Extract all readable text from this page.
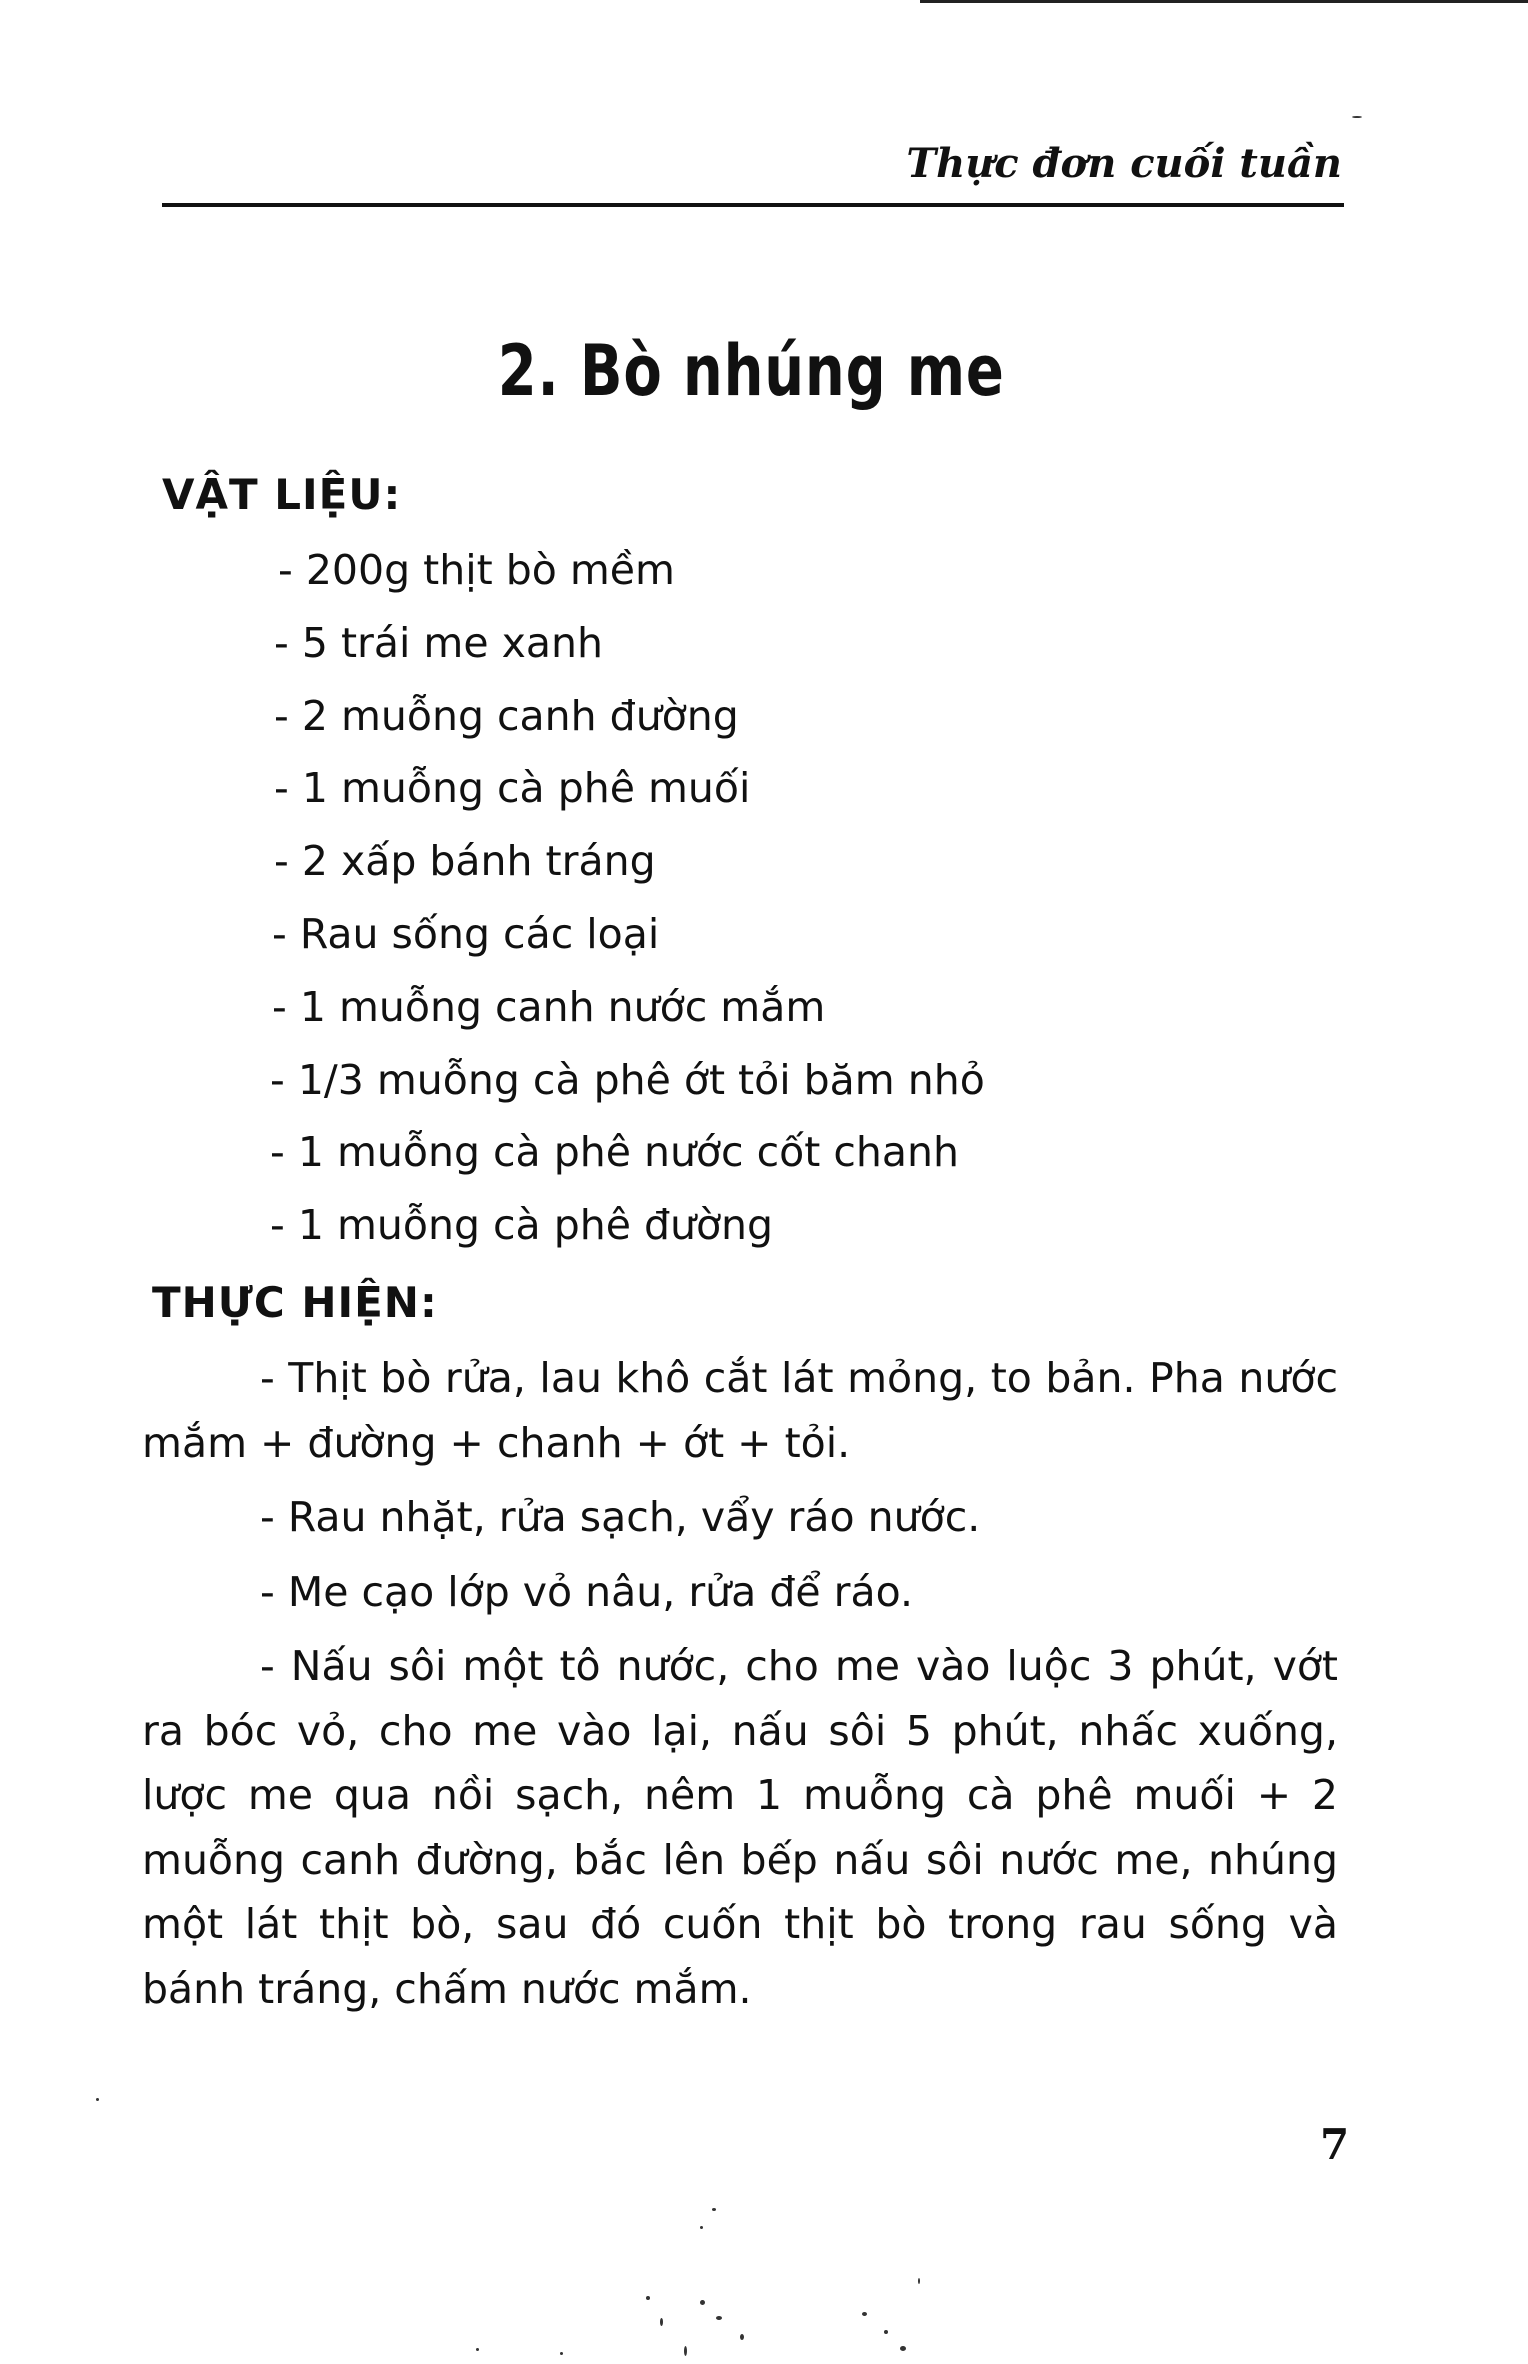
Thực đơn cuối tuần
2. Bò nhúng me
VẬT LIỆU:
- 200g thịt bò mềm
- 5 trái me xanh
- 2 muỗng canh đường
- 1 muỗng cà phê muối
- 2 xấp bánh tráng
- Rau sống các loại
- 1 muỗng canh nước mắm
- 1/3 muỗng cà phê ớt tỏi băm nhỏ
- 1 muỗng cà phê nước cốt chanh
- 1 muỗng cà phê đường
THỰC HIỆN:

- Thịt bò rửa, lau khô cắt lát mỏng, to bản. Pha nước mắm + đường + chanh + ớt + tỏi.

- Rau nhặt, rửa sạch, vẩy ráo nước.

- Me cạo lớp vỏ nâu, rửa để ráo.

- Nấu sôi một tô nước, cho me vào luộc 3 phút, vớt ra bóc vỏ, cho me vào lại, nấu sôi 5 phút, nhấc xuống, lược me qua nồi sạch, nêm 1 muỗng cà phê muối + 2 muỗng canh đường, bắc lên bếp nấu sôi nước me, nhúng một lát thịt bò, sau đó cuốn thịt bò trong rau sống và bánh tráng, chấm nước mắm.

7
